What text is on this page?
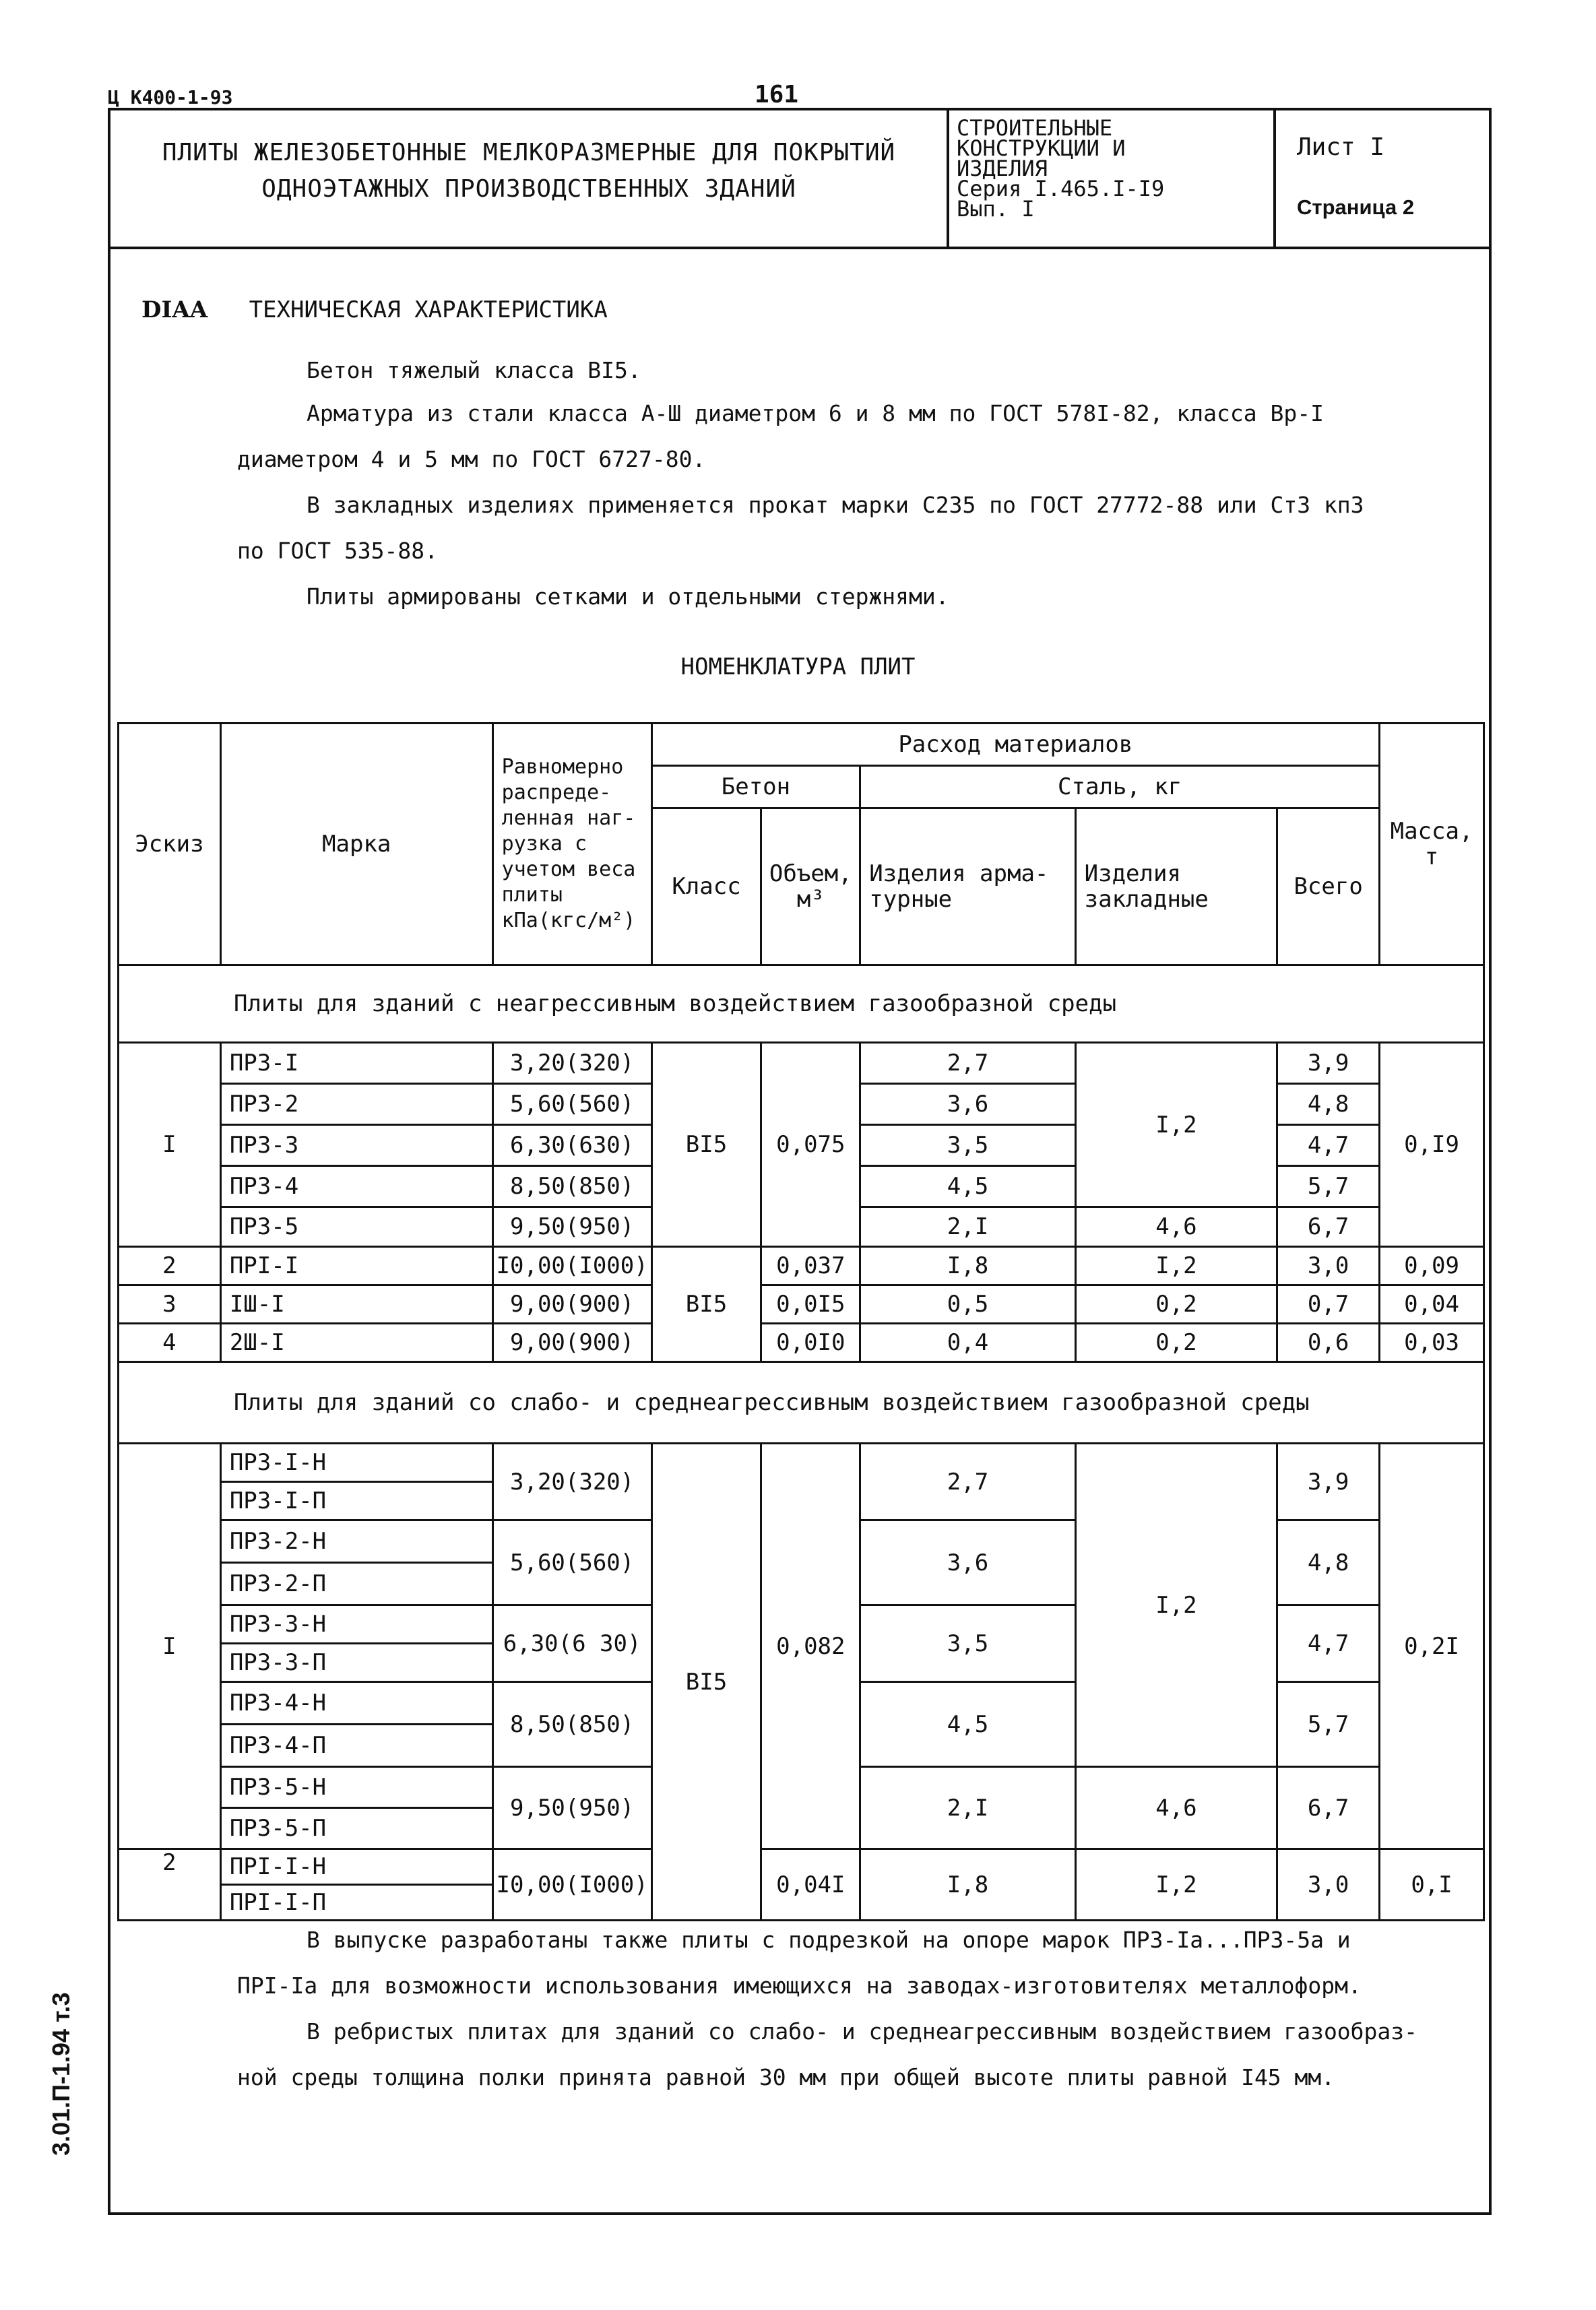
Ц К400-1-93	161
ПЛИТЫ ЖЕЛЕЗОБЕТОННЫЕ МЕЛКОРАЗМЕРНЫЕ ДЛЯ ПОКРЫТИЙ
ОДНОЭТАЖНЫХ ПРОИЗВОДСТВЕННЫХ ЗДАНИЙ
СТРОИТЕЛЬНЫЕ
КОНСТРУКЦИИ И
ИЗДЕЛИЯ
Серия I.465.I-I9
Вып. I
Лист I
Страница 2
DIAA ТЕХНИЧЕСКАЯ ХАРАКТЕРИСТИКА
Бетон тяжелый класса BI5.
Арматура из стали класса А-Ш диаметром 6 и 8 мм по ГОСТ 578I-82, класса Вр-I
диаметром 4 и 5 мм по ГОСТ 6727-80.
В закладных изделиях применяется прокат марки С235 по ГОСТ 27772-88 или Ст3 кп3
по ГОСТ 535-88.
Плиты армированы сетками и отдельными стержнями.
НОМЕНКЛАТУРА ПЛИТ
Эскиз	Марка	Равномерно распреде-ленная наг-рузка с учетом веса плиты кПа(кгс/м²)	Расход материалов					Масса, т
			Бетон		Сталь, кг			
			Класс	Объем, м³	Изделия арма-турные	Изделия закладные	Всего	
Плиты для зданий с неагрессивным воздействием газообразной среды								
I	ПР3-I	3,20(320)	BI5	0,075	2,7	I,2	3,9	0,I9
	ПР3-2	5,60(560)			3,6		4,8	
	ПР3-3	6,30(630)			3,5		4,7	
	ПР3-4	8,50(850)			4,5		5,7	
	ПР3-5	9,50(950)			2,I	4,6	6,7	
2	ПРI-I	I0,00(I000)	BI5	0,037	I,8	I,2	3,0	0,09
3	IШ-I	9,00(900)		0,0I5	0,5	0,2	0,7	0,04
4	2Ш-I	9,00(900)		0,0I0	0,4	0,2	0,6	0,03
Плиты для зданий со слабо- и среднеагрессивным воздействием газообразной среды								
I	ПР3-I-Н	3,20(320)	BI5	0,082	2,7	I,2	3,9	0,2I
	ПР3-I-П							
	ПР3-2-Н	5,60(560)			3,6		4,8	
	ПР3-2-П							
	ПР3-3-Н	6,30(6 30)			3,5		4,7	
	ПР3-3-П							
	ПР3-4-Н	8,50(850)			4,5		5,7	
	ПР3-4-П							
	ПР3-5-Н	9,50(950)			2,I	4,6	6,7	
	ПР3-5-П							
2	ПРI-I-Н	I0,00(I000)		0,04I	I,8	I,2	3,0	0,I
	ПРI-I-П							
В выпуске разработаны также плиты с подрезкой на опоре марок ПР3-Iа...ПР3-5а и
ПРI-Iа для возможности использования имеющихся на заводах-изготовителях металлоформ.
В ребристых плитах для зданий со слабо- и среднеагрессивным воздействием газообраз-
ной среды толщина полки принята равной 30 мм при общей высоте плиты равной I45 мм.
3.01.П-1.94 т.3
